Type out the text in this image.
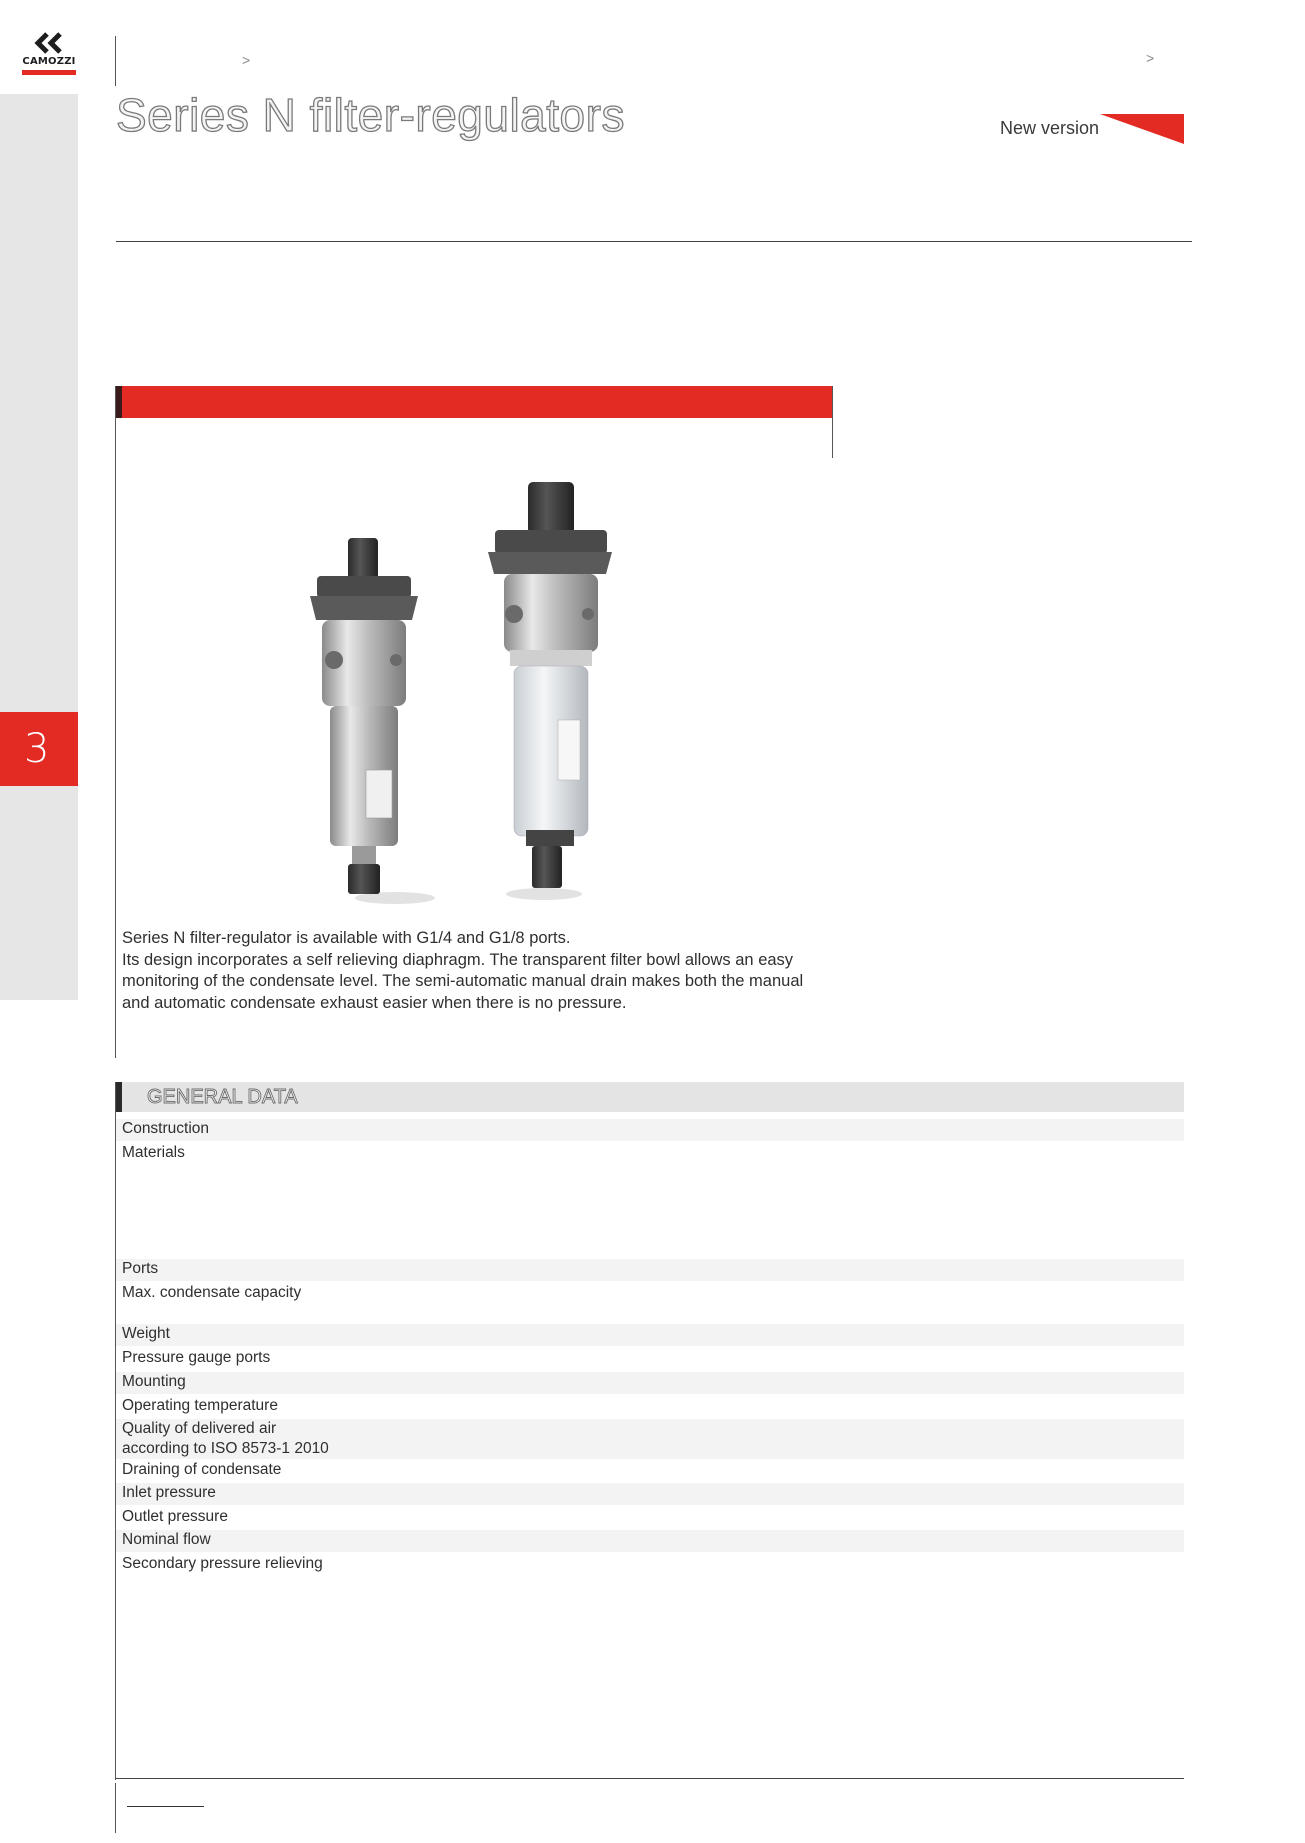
CAMOZZI
3
>	>
Series N filter-regulators	New version

Series N filter-regulator is available with G1/4 and G1/8 ports.

Its design incorporates a self relieving diaphragm. The transparent filter bowl allows an easy monitoring of the condensate level. The semi-automatic manual drain makes both the manual and automatic condensate exhaust easier when there is no pressure.

GENERAL DATA
Construction
Materials
Ports
Max. condensate capacity
Weight
Pressure gauge ports
Mounting
Operating temperature
Quality of delivered air
according to ISO 8573-1 2010
Draining of condensate
Inlet pressure
Outlet pressure
Nominal flow
Secondary pressure relieving
